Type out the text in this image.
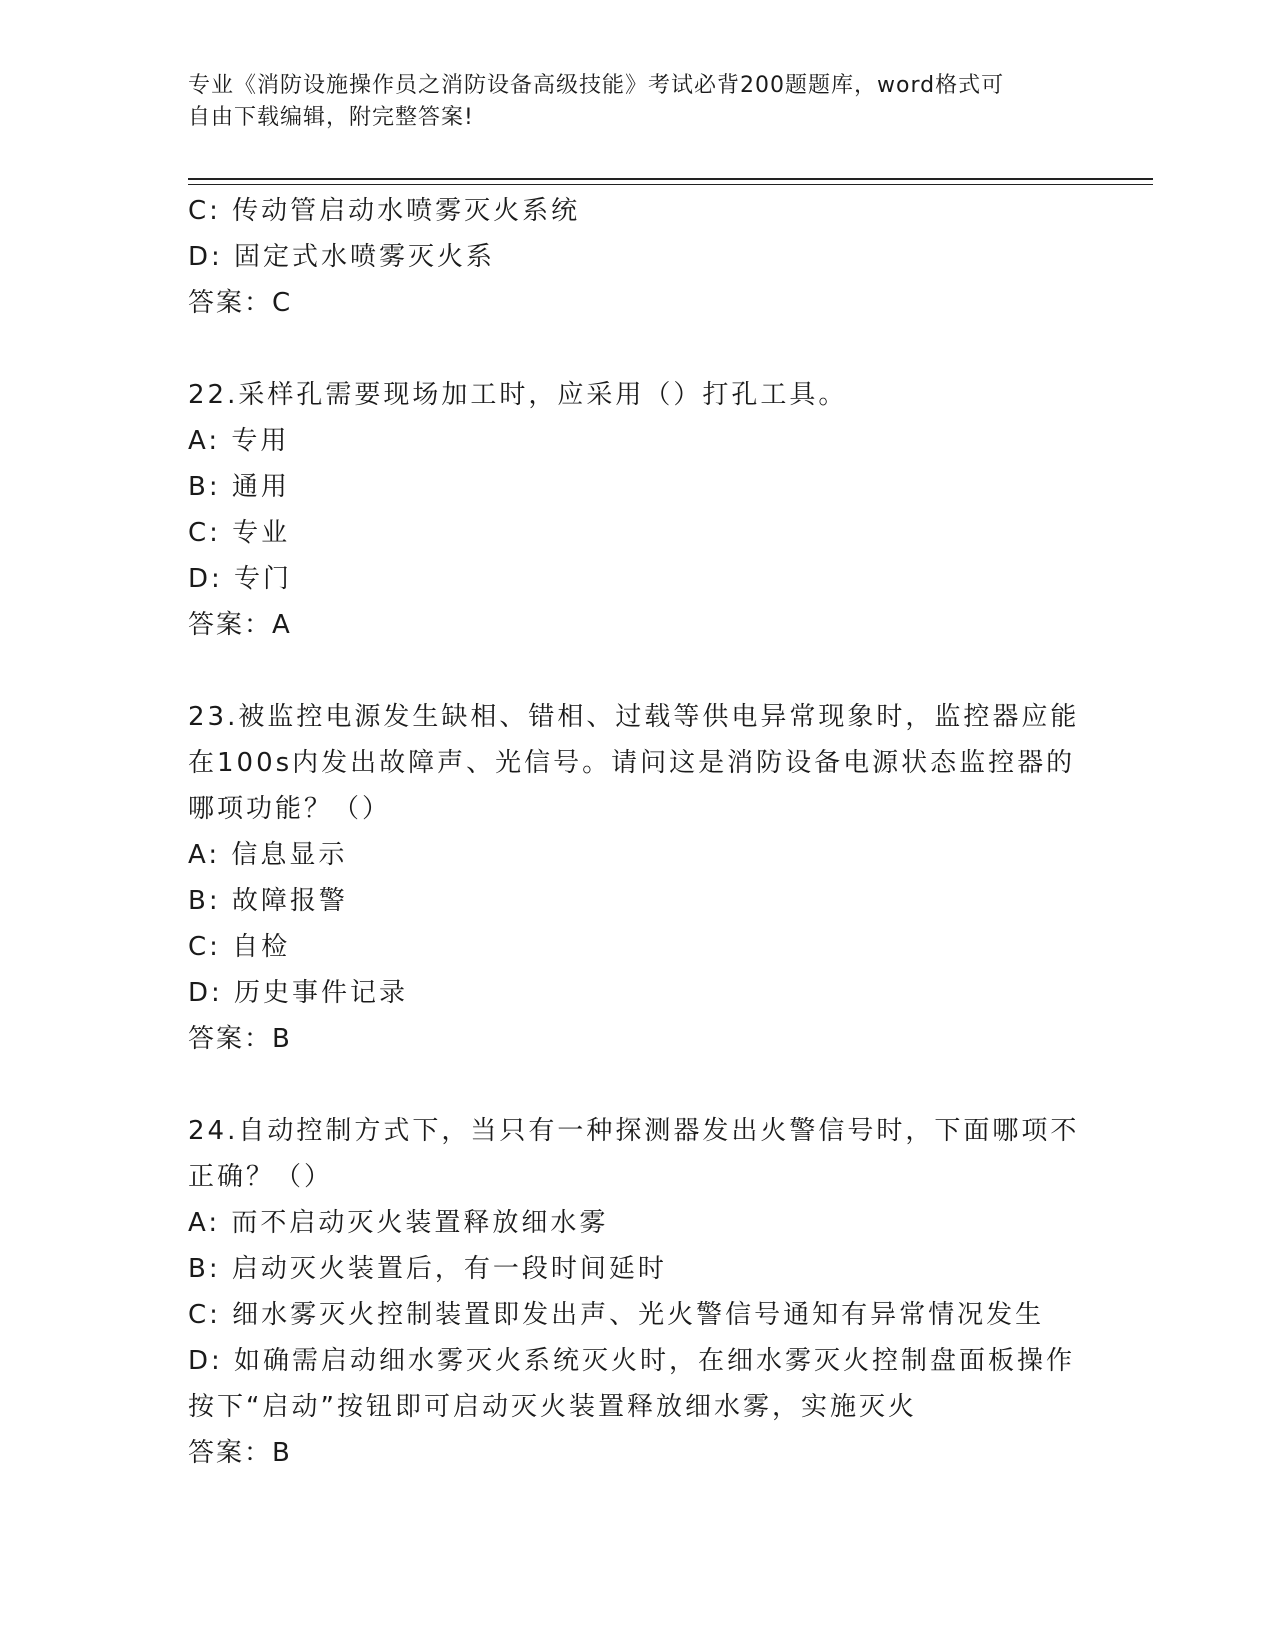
专业《消防设施操作员之消防设备高级技能》考试必背200题题库，word格式可
自由下载编辑，附完整答案!
C: 传动管启动水喷雾灭火系统
D: 固定式水喷雾灭火系
答案：C
22.采样孔需要现场加工时，应采用（）打孔工具。
A: 专用
B: 通用
C: 专业
D: 专门
答案：A
23.被监控电源发生缺相、错相、过载等供电异常现象时，监控器应能
在100s内发出故障声、光信号。请问这是消防设备电源状态监控器的
哪项功能？（）
A: 信息显示
B: 故障报警
C: 自检
D: 历史事件记录
答案：B
24.自动控制方式下，当只有一种探测器发出火警信号时，下面哪项不
正确？（）
A: 而不启动灭火装置释放细水雾
B: 启动灭火装置后，有一段时间延时
C: 细水雾灭火控制装置即发出声、光火警信号通知有异常情况发生
D: 如确需启动细水雾灭火系统灭火时，在细水雾灭火控制盘面板操作
按下“启动”按钮即可启动灭火装置释放细水雾，实施灭火
答案：B
